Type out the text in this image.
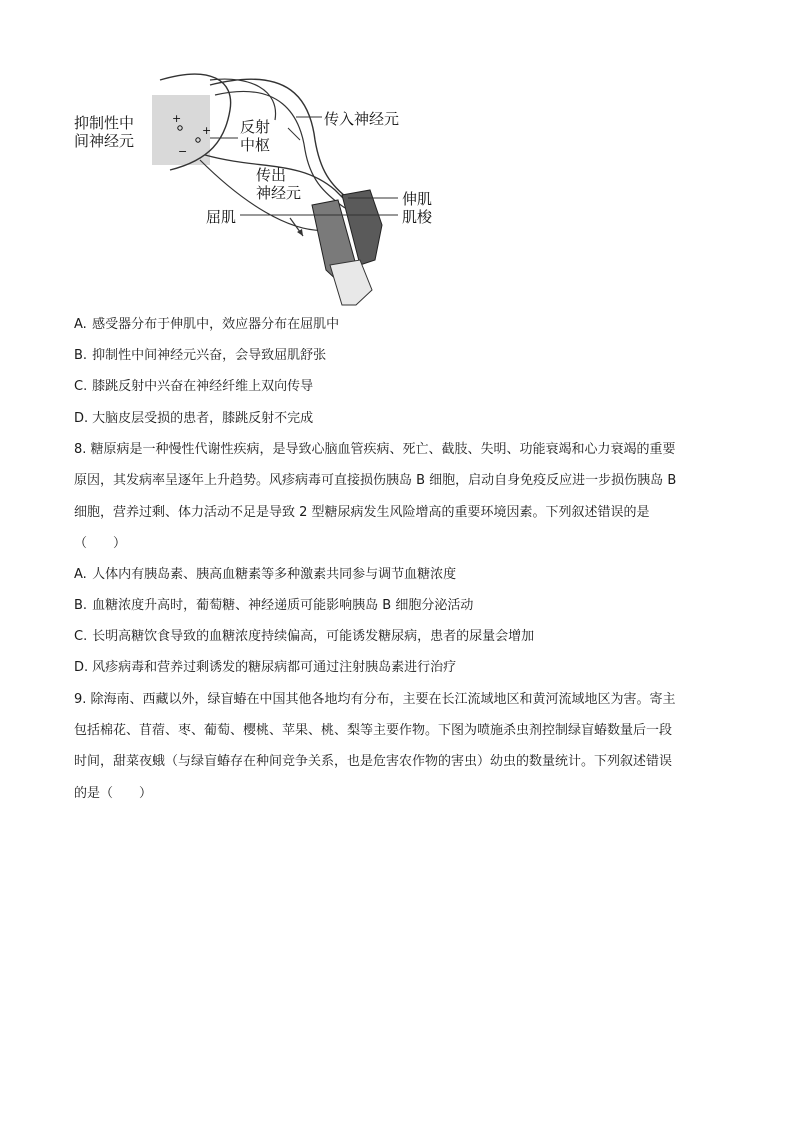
+
+
−
抑制性中
间神经元
反射
中枢
传入神经元
传出
神经元	伸肌
屈肌	肌梭
A. 感受器分布于伸肌中，效应器分布在屈肌中
B. 抑制性中间神经元兴奋，会导致屈肌舒张
C. 膝跳反射中兴奋在神经纤维上双向传导
D. 大脑皮层受损的患者，膝跳反射不完成
8. 糖原病是一种慢性代谢性疾病，是导致心脑血管疾病、死亡、截肢、失明、功能衰竭和心力衰竭的重要
原因，其发病率呈逐年上升趋势。风疹病毒可直接损伤胰岛 B 细胞，启动自身免疫反应进一步损伤胰岛 B
细胞，营养过剩、体力活动不足是导致 2 型糖尿病发生风险增高的重要环境因素。下列叙述错误的是
（　　）
A. 人体内有胰岛素、胰高血糖素等多种激素共同参与调节血糖浓度
B. 血糖浓度升高时，葡萄糖、神经递质可能影响胰岛 B 细胞分泌活动
C. 长明高糖饮食导致的血糖浓度持续偏高，可能诱发糖尿病，患者的尿量会增加
D. 风疹病毒和营养过剩诱发的糖尿病都可通过注射胰岛素进行治疗
9. 除海南、西藏以外，绿盲蝽在中国其他各地均有分布，主要在长江流域地区和黄河流域地区为害。寄主
包括棉花、苜蓿、枣、葡萄、樱桃、苹果、桃、梨等主要作物。下图为喷施杀虫剂控制绿盲蝽数量后一段
时间，甜菜夜蛾（与绿盲蝽存在种间竞争关系，也是危害农作物的害虫）幼虫的数量统计。下列叙述错误
的是（　　）
